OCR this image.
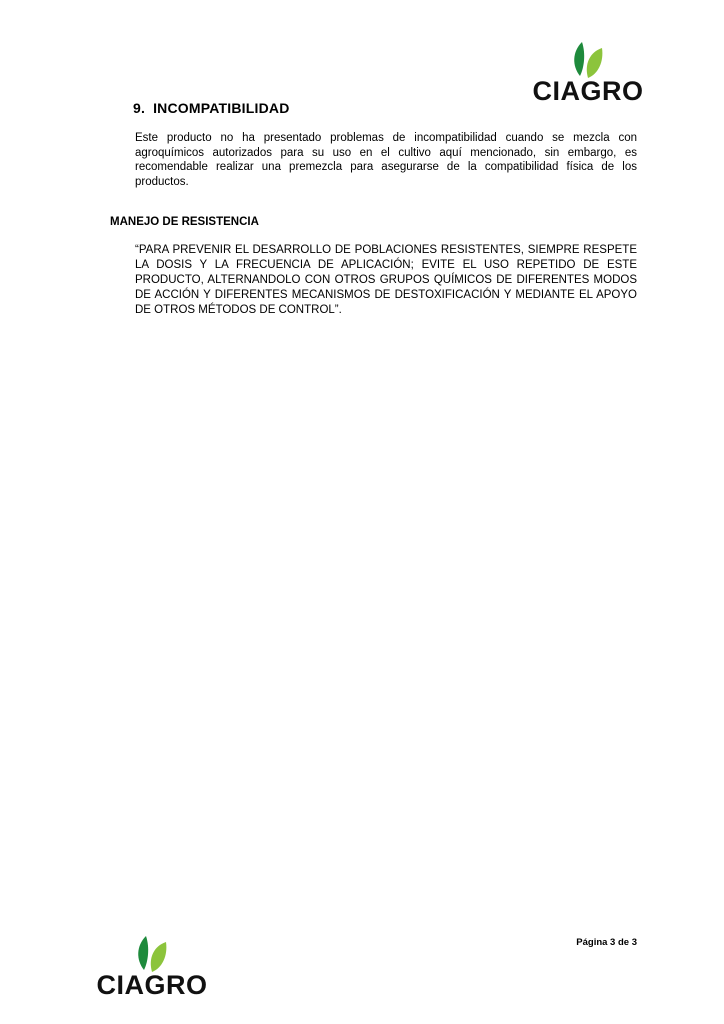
CIAGRO
9. INCOMPATIBILIDAD

Este producto no ha presentado problemas de incompatibilidad cuando se mezcla con agroquímicos autorizados para su uso en el cultivo aquí mencionado, sin embargo, es recomendable realizar una premezcla para asegurarse de la compatibilidad física de los productos.

MANEJO DE RESISTENCIA

“PARA PREVENIR EL DESARROLLO DE POBLACIONES RESISTENTES, SIEMPRE RESPETE LA DOSIS Y LA FRECUENCIA DE APLICACIÓN; EVITE EL USO REPETIDO DE ESTE PRODUCTO, ALTERNANDOLO CON OTROS GRUPOS QUÍMICOS DE DIFERENTES MODOS DE ACCIÓN Y DIFERENTES MECANISMOS DE DESTOXIFICACIÓN Y MEDIANTE EL APOYO DE OTROS MÉTODOS DE CONTROL”.

Página 3 de 3
CIAGRO
